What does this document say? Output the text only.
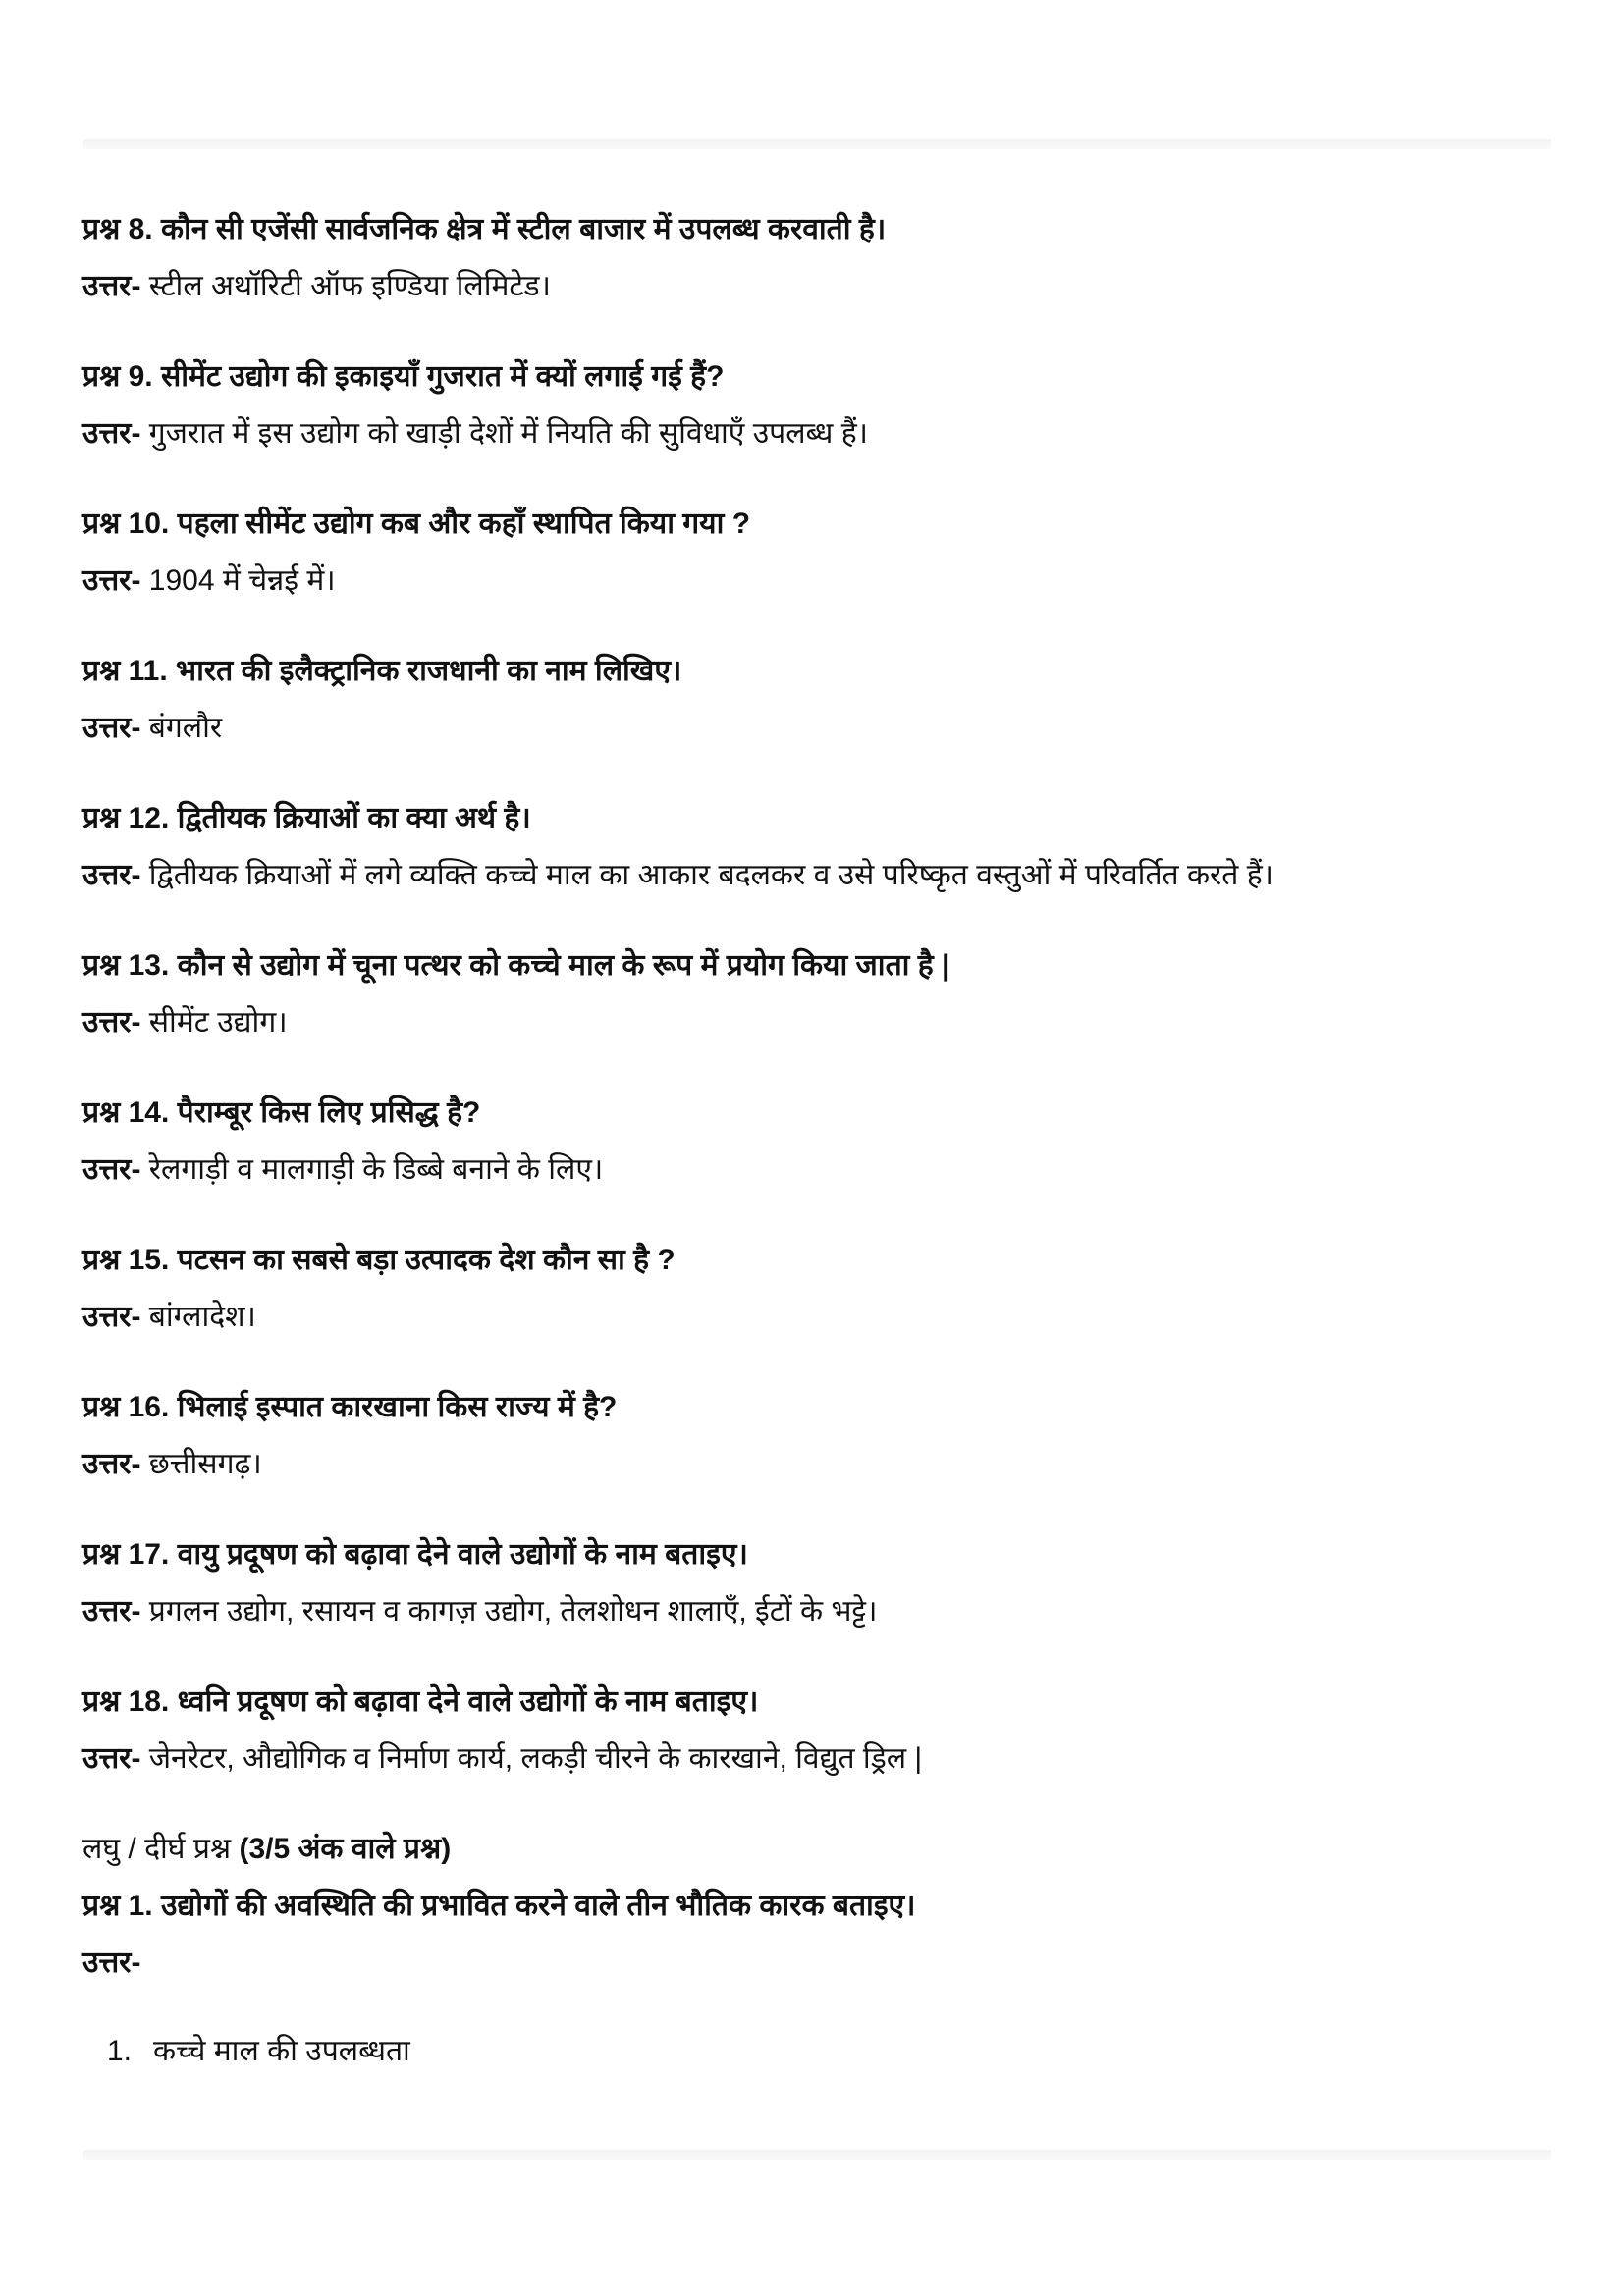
प्रश्न 8. कौन सी एजेंसी सार्वजनिक क्षेत्र में स्टील बाजार में उपलब्ध करवाती है।
उत्तर- स्टील अथॉरिटी ऑफ इण्डिया लिमिटेड।
प्रश्न 9. सीमेंट उद्योग की इकाइयाँ गुजरात में क्यों लगाई गई हैं?
उत्तर- गुजरात में इस उद्योग को खाड़ी देशों में नियति की सुविधाएँ उपलब्ध हैं।
प्रश्न 10. पहला सीमेंट उद्योग कब और कहाँ स्थापित किया गया ?
उत्तर- 1904 में चेन्नई में।
प्रश्न 11. भारत की इलैक्ट्रानिक राजधानी का नाम लिखिए।
उत्तर- बंगलौर
प्रश्न 12. द्वितीयक क्रियाओं का क्या अर्थ है।
उत्तर- द्वितीयक क्रियाओं में लगे व्यक्ति कच्चे माल का आकार बदलकर व उसे परिष्कृत वस्तुओं में परिवर्तित करते हैं।
प्रश्न 13. कौन से उद्योग में चूना पत्थर को कच्चे माल के रूप में प्रयोग किया जाता है |
उत्तर- सीमेंट उद्योग।
प्रश्न 14. पैराम्बूर किस लिए प्रसिद्ध है?
उत्तर- रेलगाड़ी व मालगाड़ी के डिब्बे बनाने के लिए।
प्रश्न 15. पटसन का सबसे बड़ा उत्पादक देश कौन सा है ?
उत्तर- बांग्लादेश।
प्रश्न 16. भिलाई इस्पात कारखाना किस राज्य में है?
उत्तर- छत्तीसगढ़।
प्रश्न 17. वायु प्रदूषण को बढ़ावा देने वाले उद्योगों के नाम बताइए।
उत्तर- प्रगलन उद्योग, रसायन व कागज़ उद्योग, तेलशोधन शालाएँ, ईटों के भट्टे।
प्रश्न 18. ध्वनि प्रदूषण को बढ़ावा देने वाले उद्योगों के नाम बताइए।
उत्तर- जेनरेटर, औद्योगिक व निर्माण कार्य, लकड़ी चीरने के कारखाने, विद्युत ड्रिल |
लघु / दीर्घ प्रश्न (3/5 अंक वाले प्रश्न)
प्रश्न 1. उद्योगों की अवस्थिति की प्रभावित करने वाले तीन भौतिक कारक बताइए।
उत्तर-
1. कच्चे माल की उपलब्धता
